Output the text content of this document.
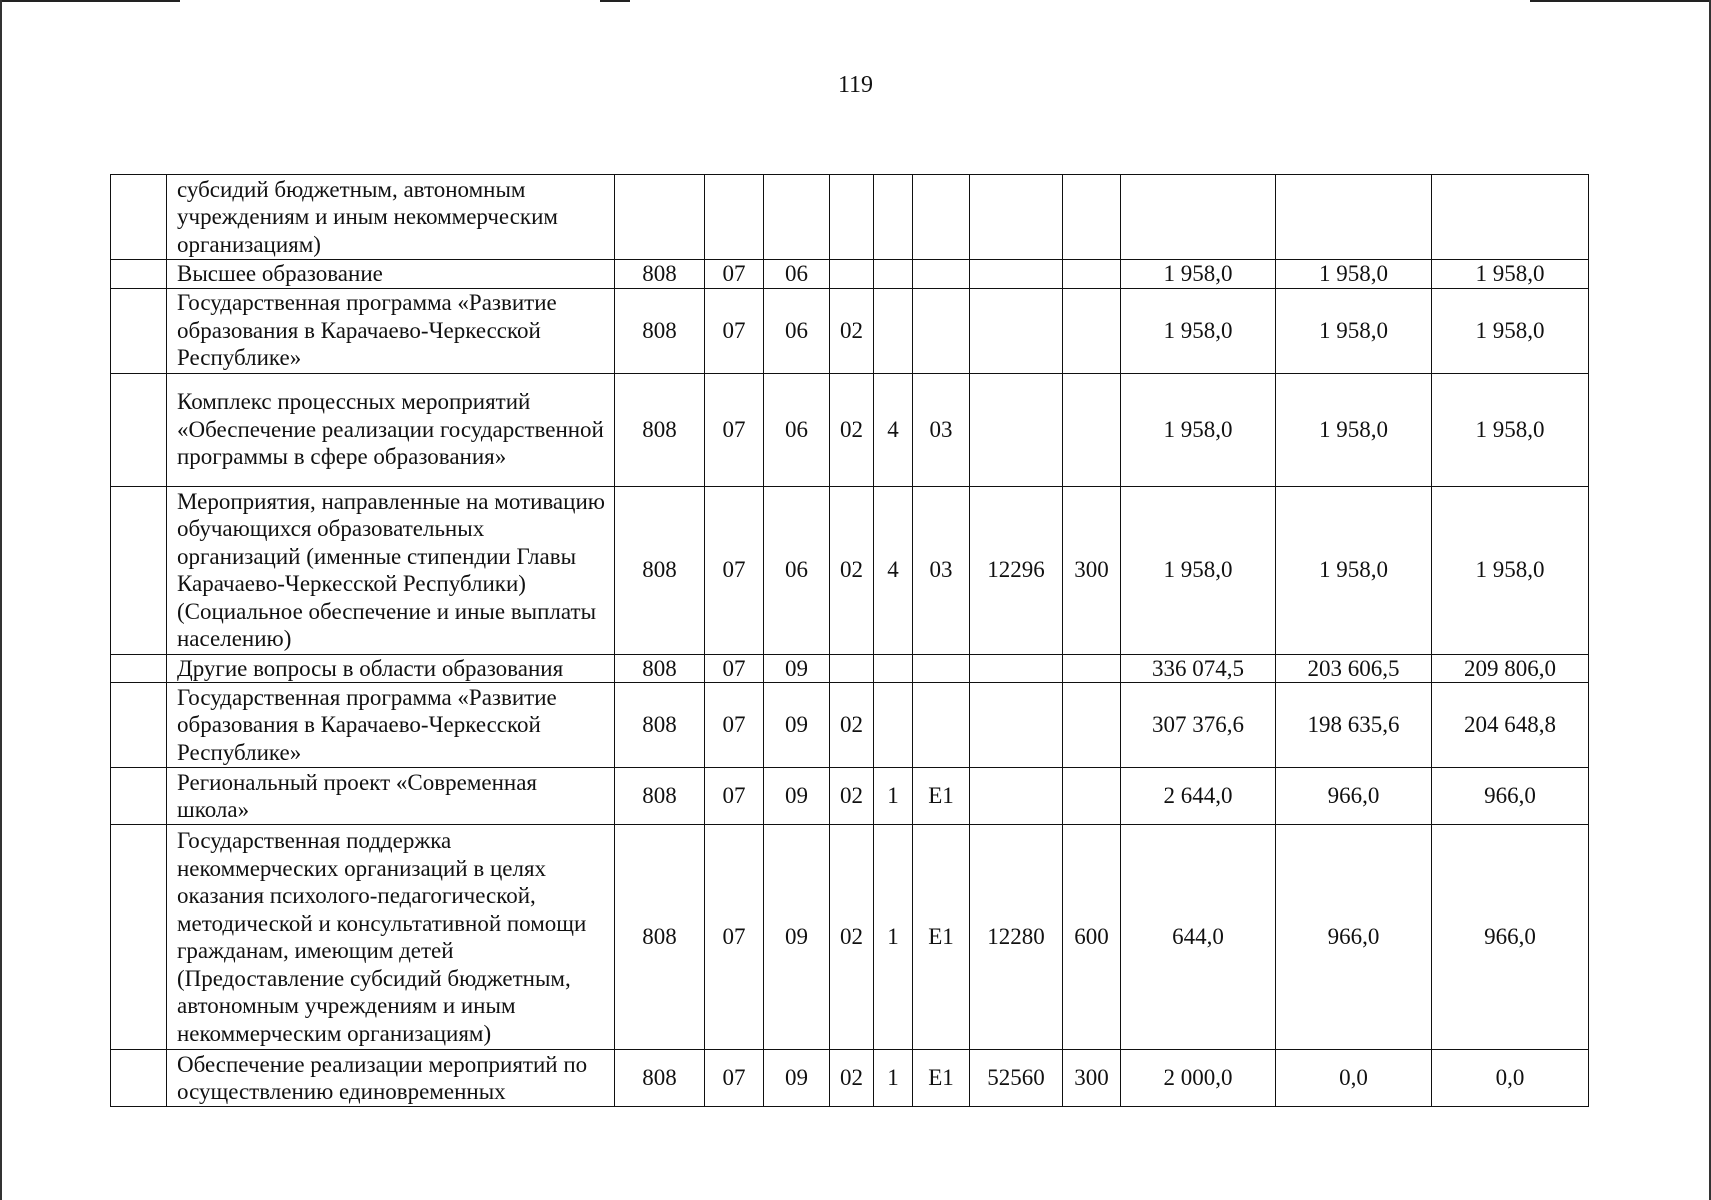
119
	субсидий бюджетным, автономным учреждениям и иным некоммерческим организациям)											
	Высшее образование	808	07	06						1 958,0	1 958,0	1 958,0
	Государственная программа «Развитие образования в Карачаево-Черкесской Республике»	808	07	06	02					1 958,0	1 958,0	1 958,0
	Комплекс процессных мероприятий «Обеспечение реализации государственной программы в сфере образования»	808	07	06	02	4	03			1 958,0	1 958,0	1 958,0
	Мероприятия, направленные на мотивацию обучающихся образовательных организаций (именные стипендии Главы Карачаево-Черкесской Республики) (Социальное обеспечение и иные выплаты населению)	808	07	06	02	4	03	12296	300	1 958,0	1 958,0	1 958,0
	Другие вопросы в области образования	808	07	09						336 074,5	203 606,5	209 806,0
	Государственная программа «Развитие образования в Карачаево-Черкесской Республике»	808	07	09	02					307 376,6	198 635,6	204 648,8
	Региональный проект «Современная школа»	808	07	09	02	1	Е1			2 644,0	966,0	966,0
	Государственная поддержка некоммерческих организаций в целях оказания психолого-педагогической, методической и консультативной помощи гражданам, имеющим детей (Предоставление субсидий бюджетным, автономным учреждениям и иным некоммерческим организациям)	808	07	09	02	1	Е1	12280	600	644,0	966,0	966,0
	Обеспечение реализации мероприятий по осуществлению единовременных	808	07	09	02	1	Е1	52560	300	2 000,0	0,0	0,0
